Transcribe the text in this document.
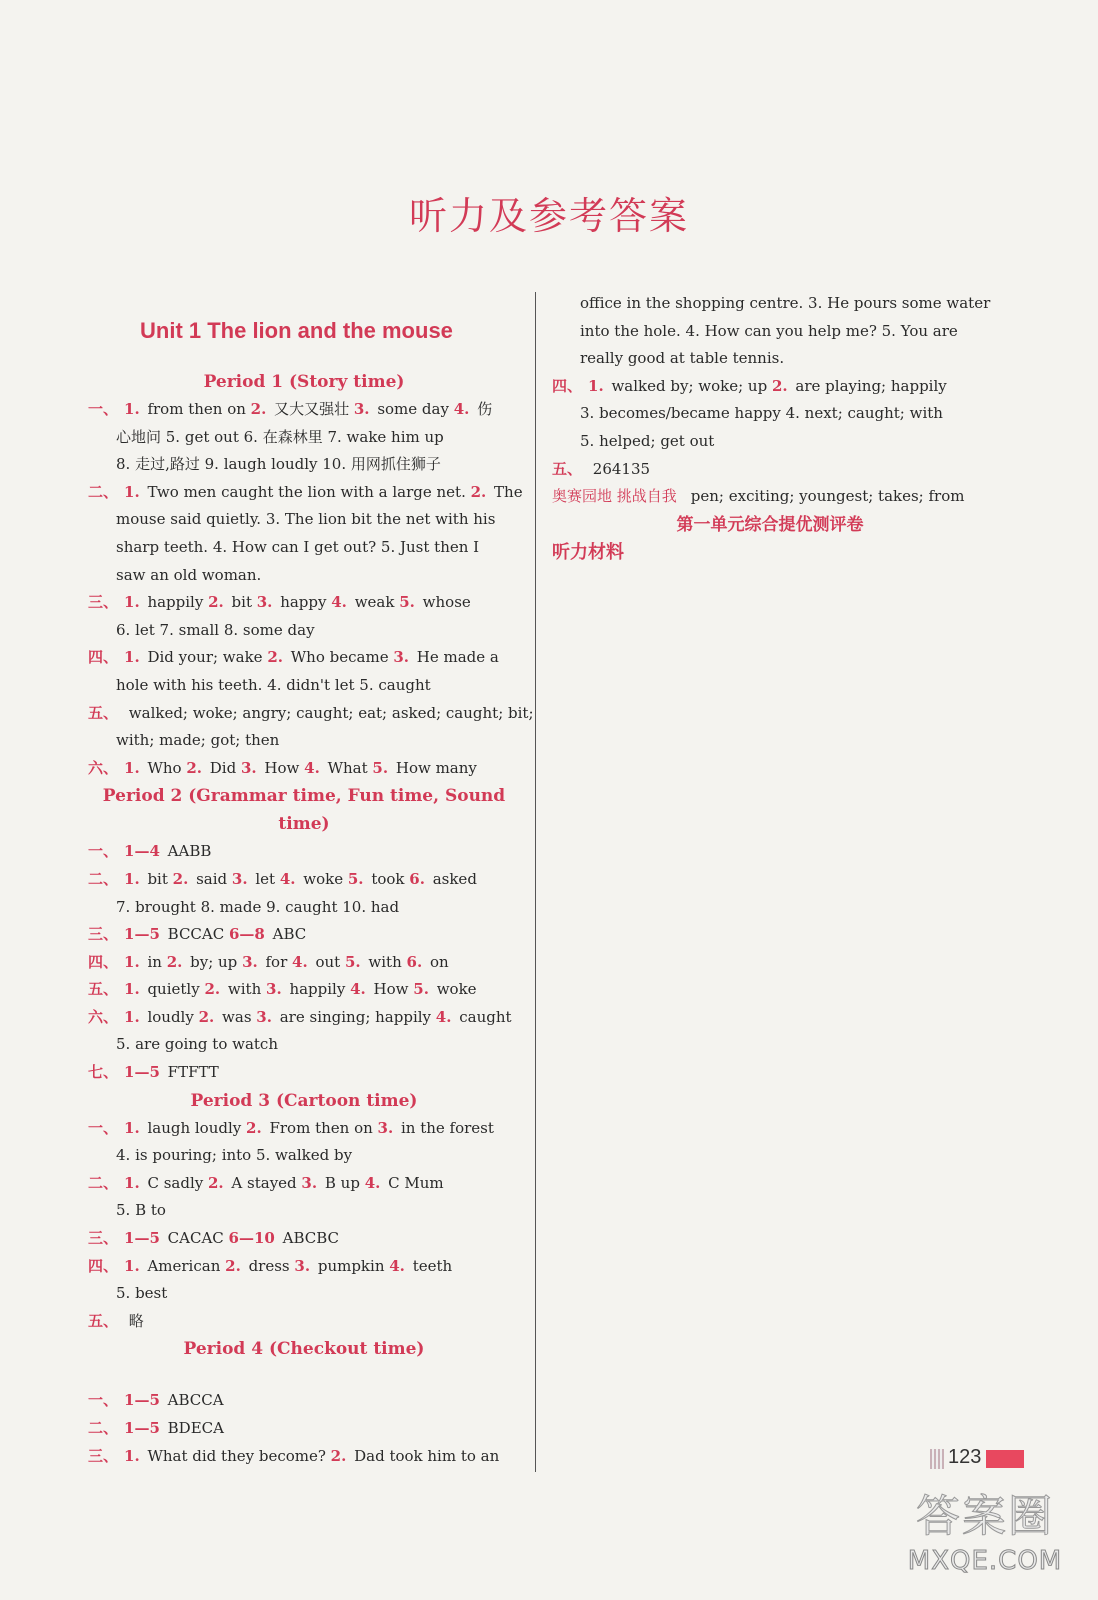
听力及参考答案
Unit 1 The lion and the mouse
Period 1 (Story time)
一、 1. from then on 2. 又大又强壮 3. some day 4. 伤
心地问 5. get out 6. 在森林里 7. wake him up
8. 走过,路过 9. laugh loudly 10. 用网抓住狮子
二、 1. Two men caught the lion with a large net. 2. The
mouse said quietly. 3. The lion bit the net with his
sharp teeth. 4. How can I get out? 5. Just then I
saw an old woman.
三、 1. happily 2. bit 3. happy 4. weak 5. whose
6. let 7. small 8. some day
四、 1. Did your; wake 2. Who became 3. He made a
hole with his teeth. 4. didn't let 5. caught
五、 walked; woke; angry; caught; eat; asked; caught; bit;
with; made; got; then
六、 1. Who 2. Did 3. How 4. What 5. How many
Period 2 (Grammar time, Fun time, Sound time)
一、 1—4 AABB
二、 1. bit 2. said 3. let 4. woke 5. took 6. asked
7. brought 8. made 9. caught 10. had
三、 1—5 BCCAC 6—8 ABC
四、 1. in 2. by; up 3. for 4. out 5. with 6. on
五、 1. quietly 2. with 3. happily 4. How 5. woke
六、 1. loudly 2. was 3. are singing; happily 4. caught
5. are going to watch
七、 1—5 FTFTT
Period 3 (Cartoon time)
一、 1. laugh loudly 2. From then on 3. in the forest
4. is pouring; into 5. walked by
二、 1. C sadly 2. A stayed 3. B up 4. C Mum
5. B to
三、 1—5 CACAC 6—10 ABCBC
四、 1. American 2. dress 3. pumpkin 4. teeth
5. best
五、 略
Period 4 (Checkout time)
一、 1—5 ABCCA
二、 1—5 BDECA
三、 1. What did they become? 2. Dad took him to an
office in the shopping centre. 3. He pours some water
into the hole. 4. How can you help me? 5. You are
really good at table tennis.
四、 1. walked by; woke; up 2. are playing; happily
3. becomes/became happy 4. next; caught; with
5. helped; get out
五、 264135
奥赛园地 挑战自我 pen; exciting; youngest; takes; from
第一单元综合提优测评卷
听力材料
123
答案圈
MXQE.COM
